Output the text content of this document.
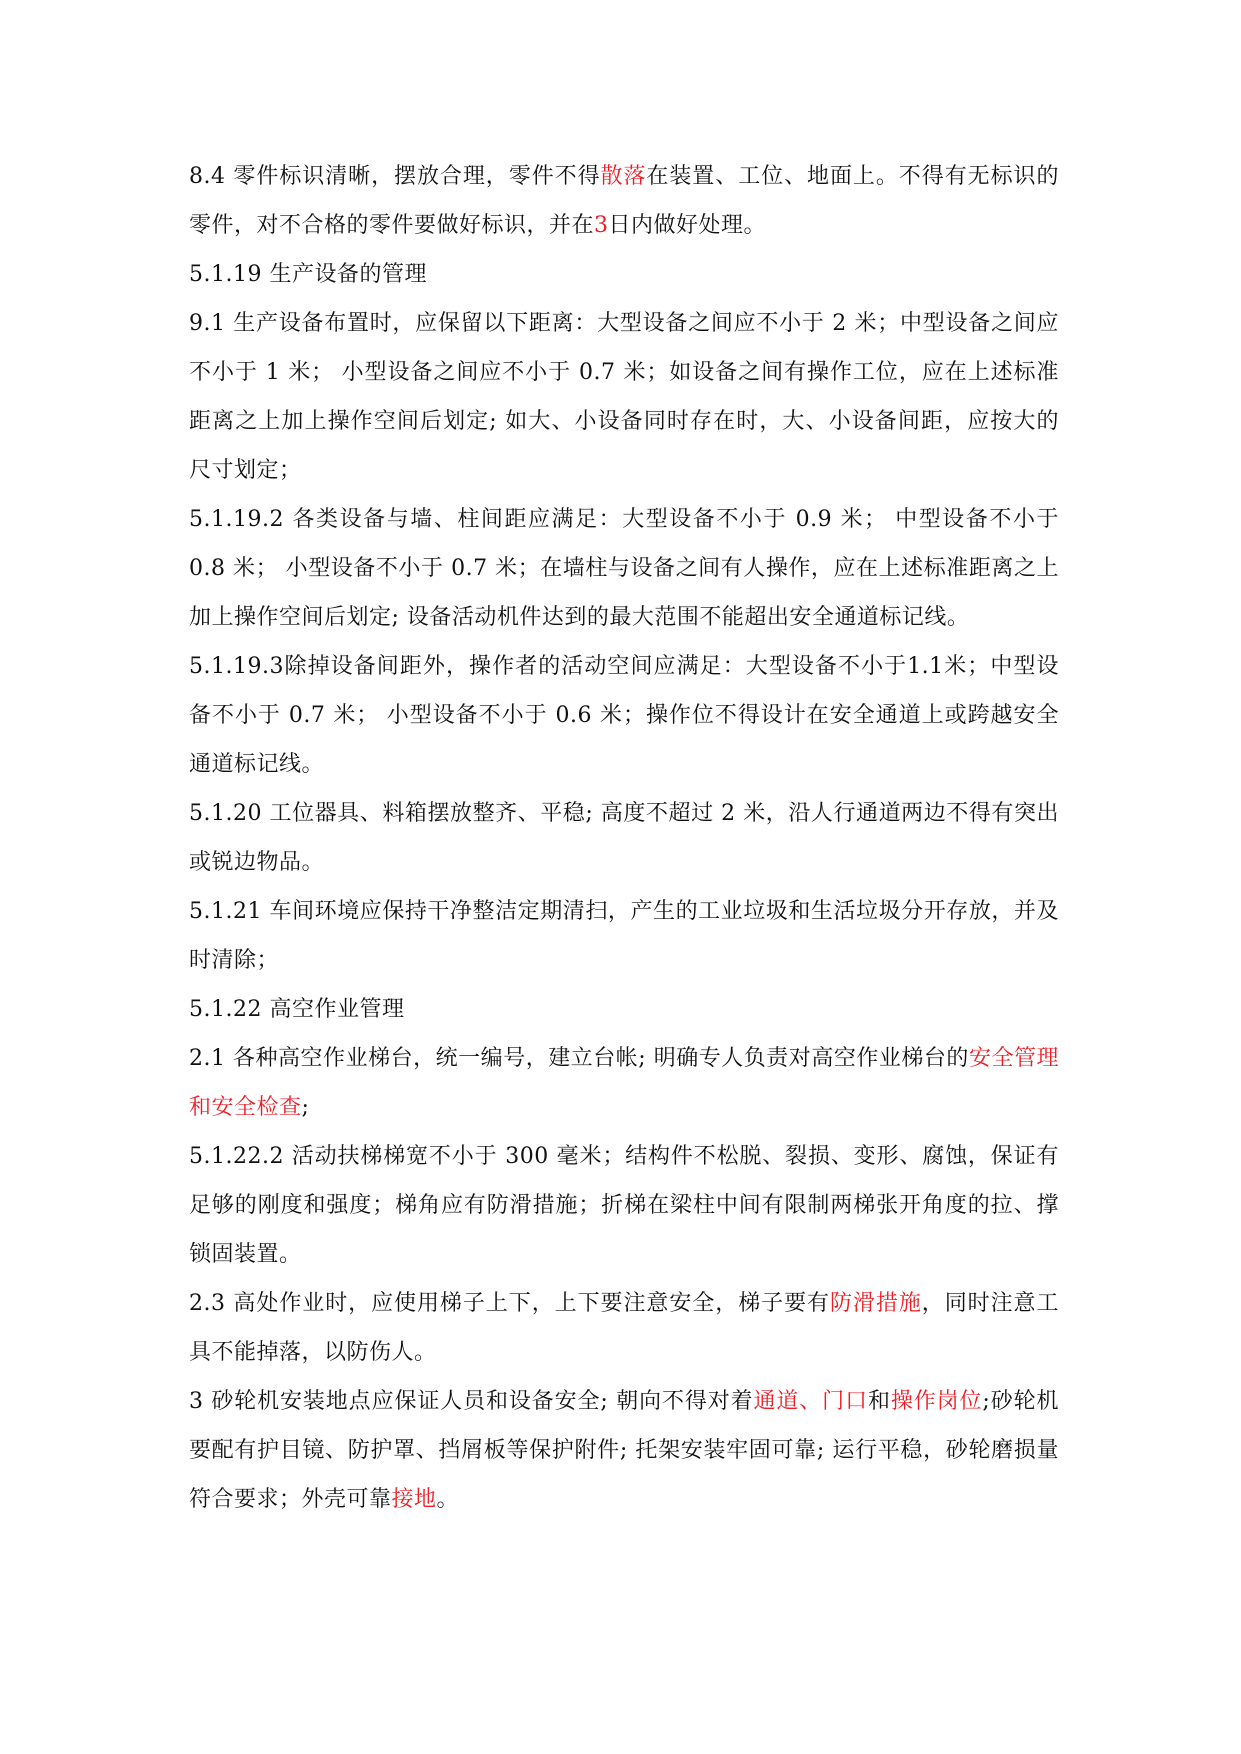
8.4 零件标识清晰，摆放合理，零件不得散落在装置、工位、地面上。不得有无标识的零件，对不合格的零件要做好标识，并在3日内做好处理。

5.1.19 生产设备的管理

9.1 生产设备布置时，应保留以下距离：大型设备之间应不小于 2 米；中型设备之间应不小于 1 米； 小型设备之间应不小于 0.7 米；如设备之间有操作工位，应在上述标准距离之上加上操作空间后划定; 如大、小设备同时存在时，大、小设备间距，应按大的尺寸划定；

5.1.19.2 各类设备与墙、柱间距应满足：大型设备不小于 0.9 米； 中型设备不小于 0.8 米； 小型设备不小于 0.7 米；在墙柱与设备之间有人操作，应在上述标准距离之上加上操作空间后划定; 设备活动机件达到的最大范围不能超出安全通道标记线。

5.1.19.3除掉设备间距外，操作者的活动空间应满足：大型设备不小于1.1米；中型设备不小于 0.7 米； 小型设备不小于 0.6 米；操作位不得设计在安全通道上或跨越安全通道标记线。

5.1.20 工位器具、料箱摆放整齐、平稳; 高度不超过 2 米，沿人行通道两边不得有突出或锐边物品。

5.1.21 车间环境应保持干净整洁定期清扫，产生的工业垃圾和生活垃圾分开存放，并及时清除；

5.1.22 高空作业管理

2.1 各种高空作业梯台，统一编号，建立台帐; 明确专人负责对高空作业梯台的安全管理和安全检查;

5.1.22.2 活动扶梯梯宽不小于 300 毫米；结构件不松脱、裂损、变形、腐蚀，保证有足够的刚度和强度；梯角应有防滑措施；折梯在梁柱中间有限制两梯张开角度的拉、撑锁固装置。

2.3 高处作业时，应使用梯子上下，上下要注意安全，梯子要有防滑措施，同时注意工具不能掉落，以防伤人。

3 砂轮机安装地点应保证人员和设备安全; 朝向不得对着通道、门口和操作岗位;砂轮机要配有护目镜、防护罩、挡屑板等保护附件; 托架安装牢固可靠; 运行平稳，砂轮磨损量符合要求；外壳可靠接地。
